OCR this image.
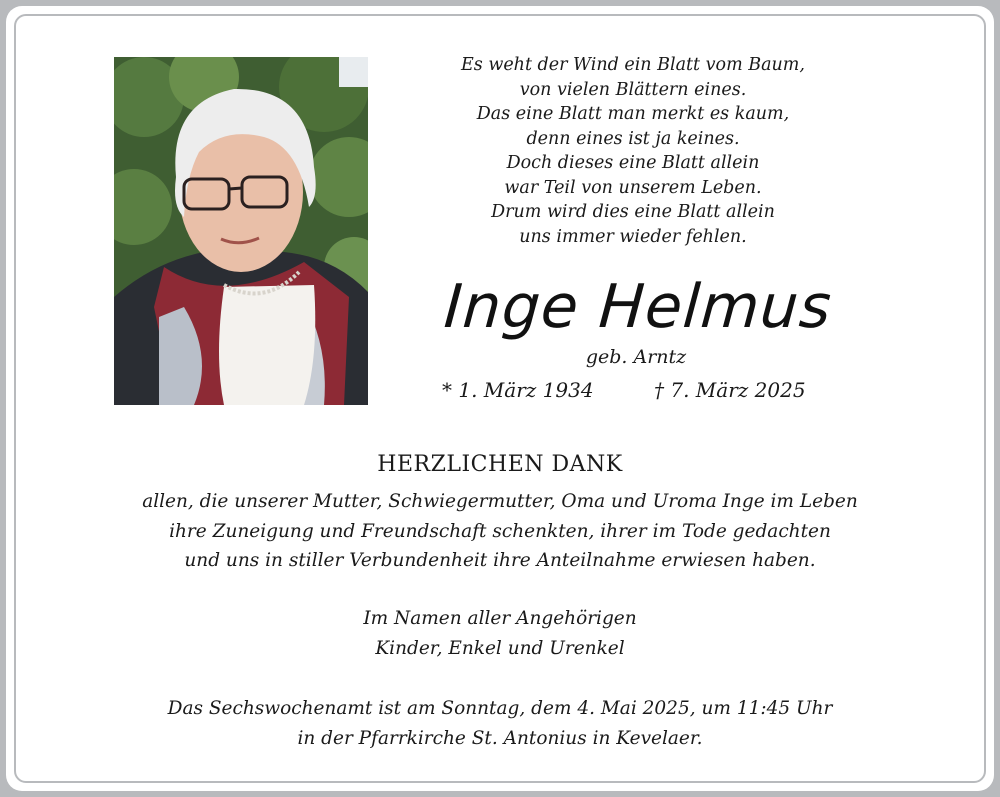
Es weht der Wind ein Blatt vom Baum,
von vielen Blättern eines.
Das eine Blatt man merkt es kaum,
denn eines ist ja keines.
Doch dieses eine Blatt allein
war Teil von unserem Leben.
Drum wird dies eine Blatt allein
uns immer wieder fehlen.
Inge Helmus
geb. Arntz
* 1. März 1934	† 7. März 2025
HERZLICHEN DANK
allen, die unserer Mutter, Schwiegermutter, Oma und Uroma Inge im Leben
ihre Zuneigung und Freundschaft schenkten, ihrer im Tode gedachten
und uns in stiller Verbundenheit ihre Anteilnahme erwiesen haben.
Im Namen aller Angehörigen
Kinder, Enkel und Urenkel
Das Sechswochenamt ist am Sonntag, dem 4. Mai 2025, um 11:45 Uhr
in der Pfarrkirche St. Antonius in Kevelaer.
